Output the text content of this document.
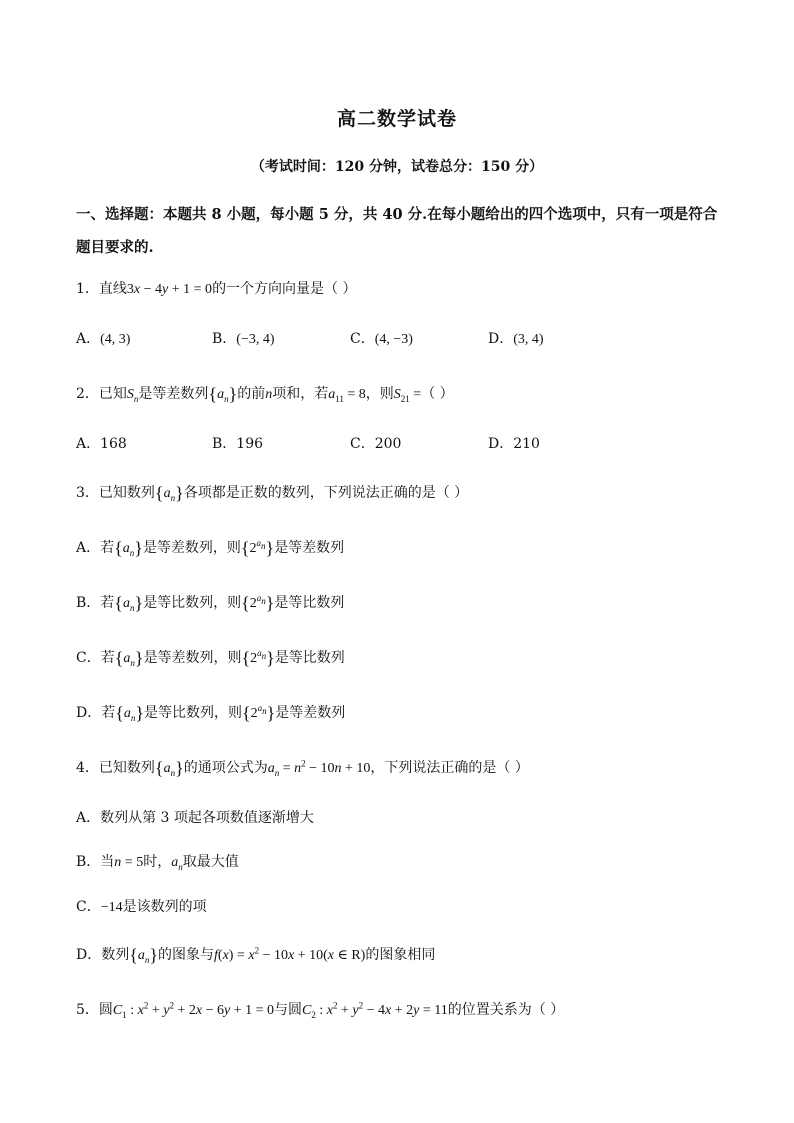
高二数学试卷
（考试时间：120 分钟，试卷总分：150 分）
一、选择题：本题共 8 小题，每小题 5 分，共 40 分.在每小题给出的四个选项中，只有一项是符合题目要求的.
1．直线3x − 4y + 1 = 0的一个方向向量是（ ）
A．(4, 3)	B．(−3, 4)	C．(4, −3)	D．(3, 4)
2．已知$S_n$是等差数列$\{a_n\}$的前n项和，若$a_{11} = 8$，则$S_{21}$ =（ ）
A．168	B．196	C．200	D．210
3．已知数列$\{a_n\}$各项都是正数的数列，下列说法正确的是（ ）
A．若$\{a_n\}$是等差数列，则$\{2^{a_n}\}$是等差数列
B．若$\{a_n\}$是等比数列，则$\{2^{a_n}\}$是等比数列
C．若$\{a_n\}$是等差数列，则$\{2^{a_n}\}$是等比数列
D．若$\{a_n\}$是等比数列，则$\{2^{a_n}\}$是等差数列
4．已知数列$\{a_n\}$的通项公式为$a_n = n^2 - 10n + 10$，下列说法正确的是（ ）
A．数列从第 3 项起各项数值逐渐增大
B．当n = 5时，$a_n$取最大值
C．−14是该数列的项
D．数列$\{a_n\}$的图象与$f(x) = x^2 - 10x + 10(x$ ∈ R)的图象相同
5．圆$C_1$ : $x^2 + y^2 + 2x - 6y + 1 = 0$与圆$C_2$ : $x^2 + y^2 - 4x + 2y = 11$的位置关系为（ ）
